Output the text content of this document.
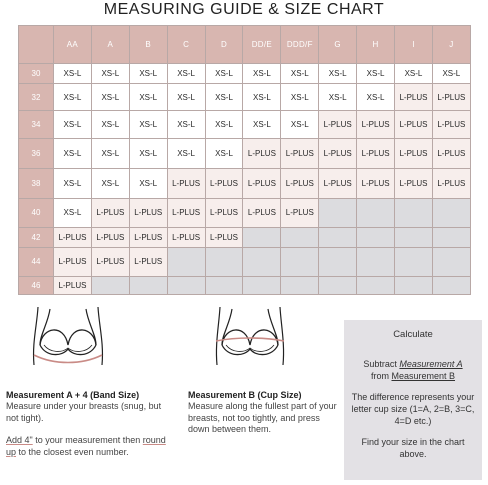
MEASURING GUIDE & SIZE CHART
	AA	A	B	C	D	DD/E	DDD/F	G	H	I	J
30	XS-L	XS-L	XS-L	XS-L	XS-L	XS-L	XS-L	XS-L	XS-L	XS-L	XS-L
32	XS-L	XS-L	XS-L	XS-L	XS-L	XS-L	XS-L	XS-L	XS-L	L-PLUS	L-PLUS
34	XS-L	XS-L	XS-L	XS-L	XS-L	XS-L	XS-L	L-PLUS	L-PLUS	L-PLUS	L-PLUS
36	XS-L	XS-L	XS-L	XS-L	XS-L	L-PLUS	L-PLUS	L-PLUS	L-PLUS	L-PLUS	L-PLUS
38	XS-L	XS-L	XS-L	L-PLUS	L-PLUS	L-PLUS	L-PLUS	L-PLUS	L-PLUS	L-PLUS	L-PLUS
40	XS-L	L-PLUS	L-PLUS	L-PLUS	L-PLUS	L-PLUS	L-PLUS				
42	L-PLUS	L-PLUS	L-PLUS	L-PLUS	L-PLUS						
44	L-PLUS	L-PLUS	L-PLUS								
46	L-PLUS										
Measurement A + 4 (Band Size)
Measure under your breasts (snug, but not tight).
Add 4" to your measurement then round up to the closest even number.
Measurement B (Cup Size)
Measure along the fullest part of your breasts, not too tightly, and press down between them.
Calculate
Subtract Measurement A
from Measurement B
The difference represents your letter cup size (1=A, 2=B, 3=C, 4=D etc.)
Find your size in the chart above.
